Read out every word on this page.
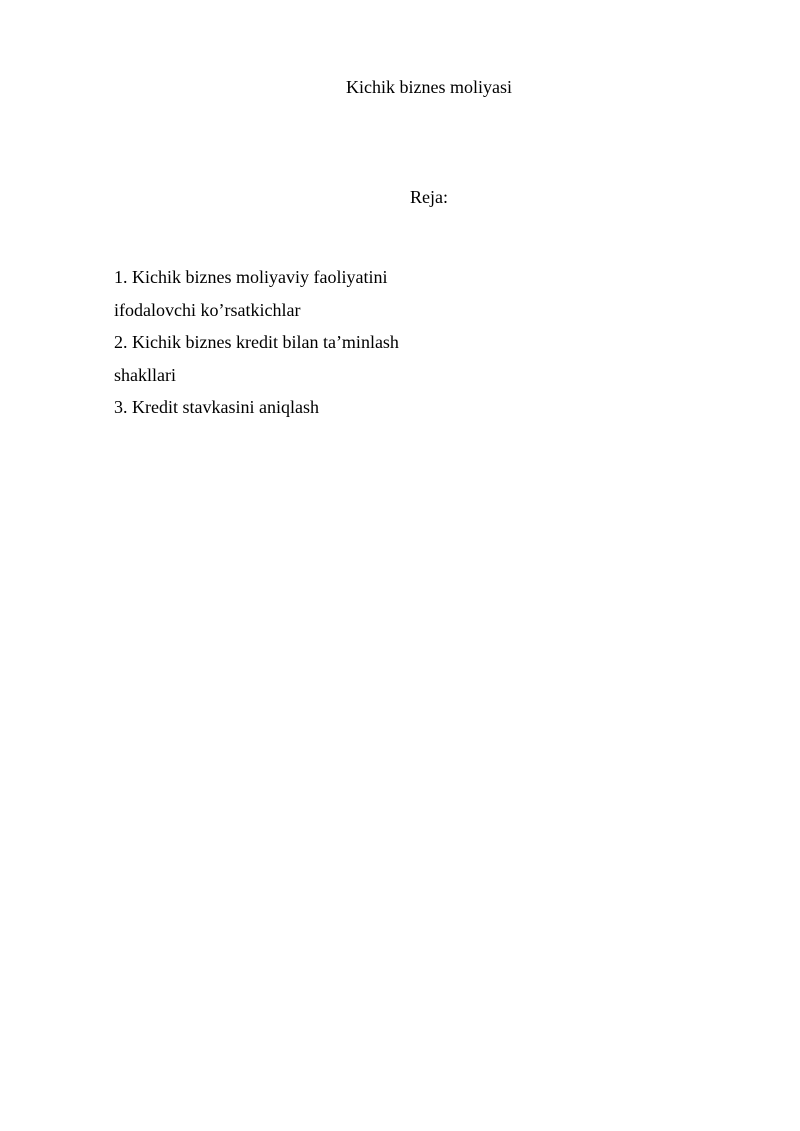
Kichik biznes moliyasi
Reja:
1. Kichik biznes moliyaviy faoliyatini
ifodalovchi ko’rsatkichlar
2. Kichik biznes kredit bilan ta’minlash
shakllari
3. Kredit stavkasini aniqlash
